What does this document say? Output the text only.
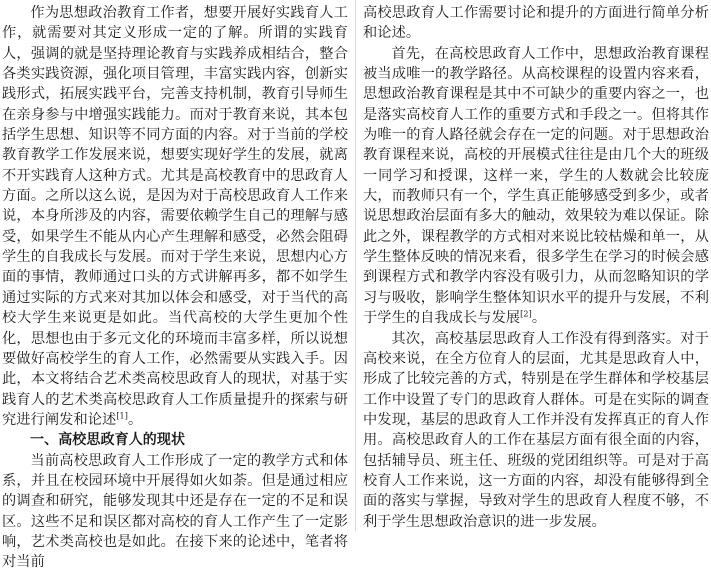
作为思想政治教育工作者，想要开展好实践育人工作，就需要对其定义形成一定的了解。所谓的实践育人，强调的就是坚持理论教育与实践养成相结合，整合各类实践资源，强化项目管理，丰富实践内容，创新实践形式，拓展实践平台，完善支持机制，教育引导师生在亲身参与中增强实践能力。而对于教育来说，其本包括学生思想、知识等不同方面的内容。对于当前的学校教育教学工作发展来说，想要实现好学生的发展，就离不开实践育人这种方式。尤其是高校教育中的思政育人方面。之所以这么说，是因为对于高校思政育人工作来说，本身所涉及的内容，需要依赖学生自己的理解与感受，如果学生不能从内心产生理解和感受，必然会阻碍学生的自我成长与发展。而对于学生来说，思想内心方面的事情，教师通过口头的方式讲解再多，都不如学生通过实际的方式来对其加以体会和感受，对于当代的高校大学生来说更是如此。当代高校的大学生更加个性化，思想也由于多元文化的环境而丰富多样，所以说想要做好高校学生的育人工作，必然需要从实践入手。因此，本文将结合艺术类高校思政育人的现状，对基于实践育人的艺术类高校思政育人工作质量提升的探索与研究进行阐发和论述[1]。

一、高校思政育人的现状

当前高校思政育人工作形成了一定的教学方式和体系，并且在校园环境中开展得如火如荼。但是通过相应的调查和研究，能够发现其中还是存在一定的不足和误区。这些不足和误区都对高校的育人工作产生了一定影响，艺术类高校也是如此。在接下来的论述中，笔者将对当前

高校思政育人工作需要讨论和提升的方面进行简单分析和论述。

首先，在高校思政育人工作中，思想政治教育课程被当成唯一的教学路径。从高校课程的设置内容来看，思想政治教育课程是其中不可缺少的重要内容之一，也是落实高校育人工作的重要方式和手段之一。但将其作为唯一的育人路径就会存在一定的问题。对于思想政治教育课程来说，高校的开展模式往往是由几个大的班级一同学习和授课，这样一来，学生的人数就会比较庞大，而教师只有一个，学生真正能够感受到多少，或者说思想政治层面有多大的触动，效果较为难以保证。除此之外，课程教学的方式相对来说比较枯燥和单一，从学生整体反映的情况来看，很多学生在学习的时候会感到课程方式和教学内容没有吸引力，从而忽略知识的学习与吸收，影响学生整体知识水平的提升与发展，不利于学生的自我成长与发展[2]。

其次，高校基层思政育人工作没有得到落实。对于高校来说，在全方位育人的层面，尤其是思政育人中，形成了比较完善的方式，特别是在学生群体和学校基层工作中设置了专门的思政育人群体。可是在实际的调查中发现，基层的思政育人工作并没有发挥真正的育人作用。高校思政育人的工作在基层方面有很全面的内容，包括辅导员、班主任、班级的党团组织等。可是对于高校育人工作来说，这一方面的内容，却没有能够得到全面的落实与掌握，导致对学生的思政育人程度不够，不利于学生思想政治意识的进一步发展。
